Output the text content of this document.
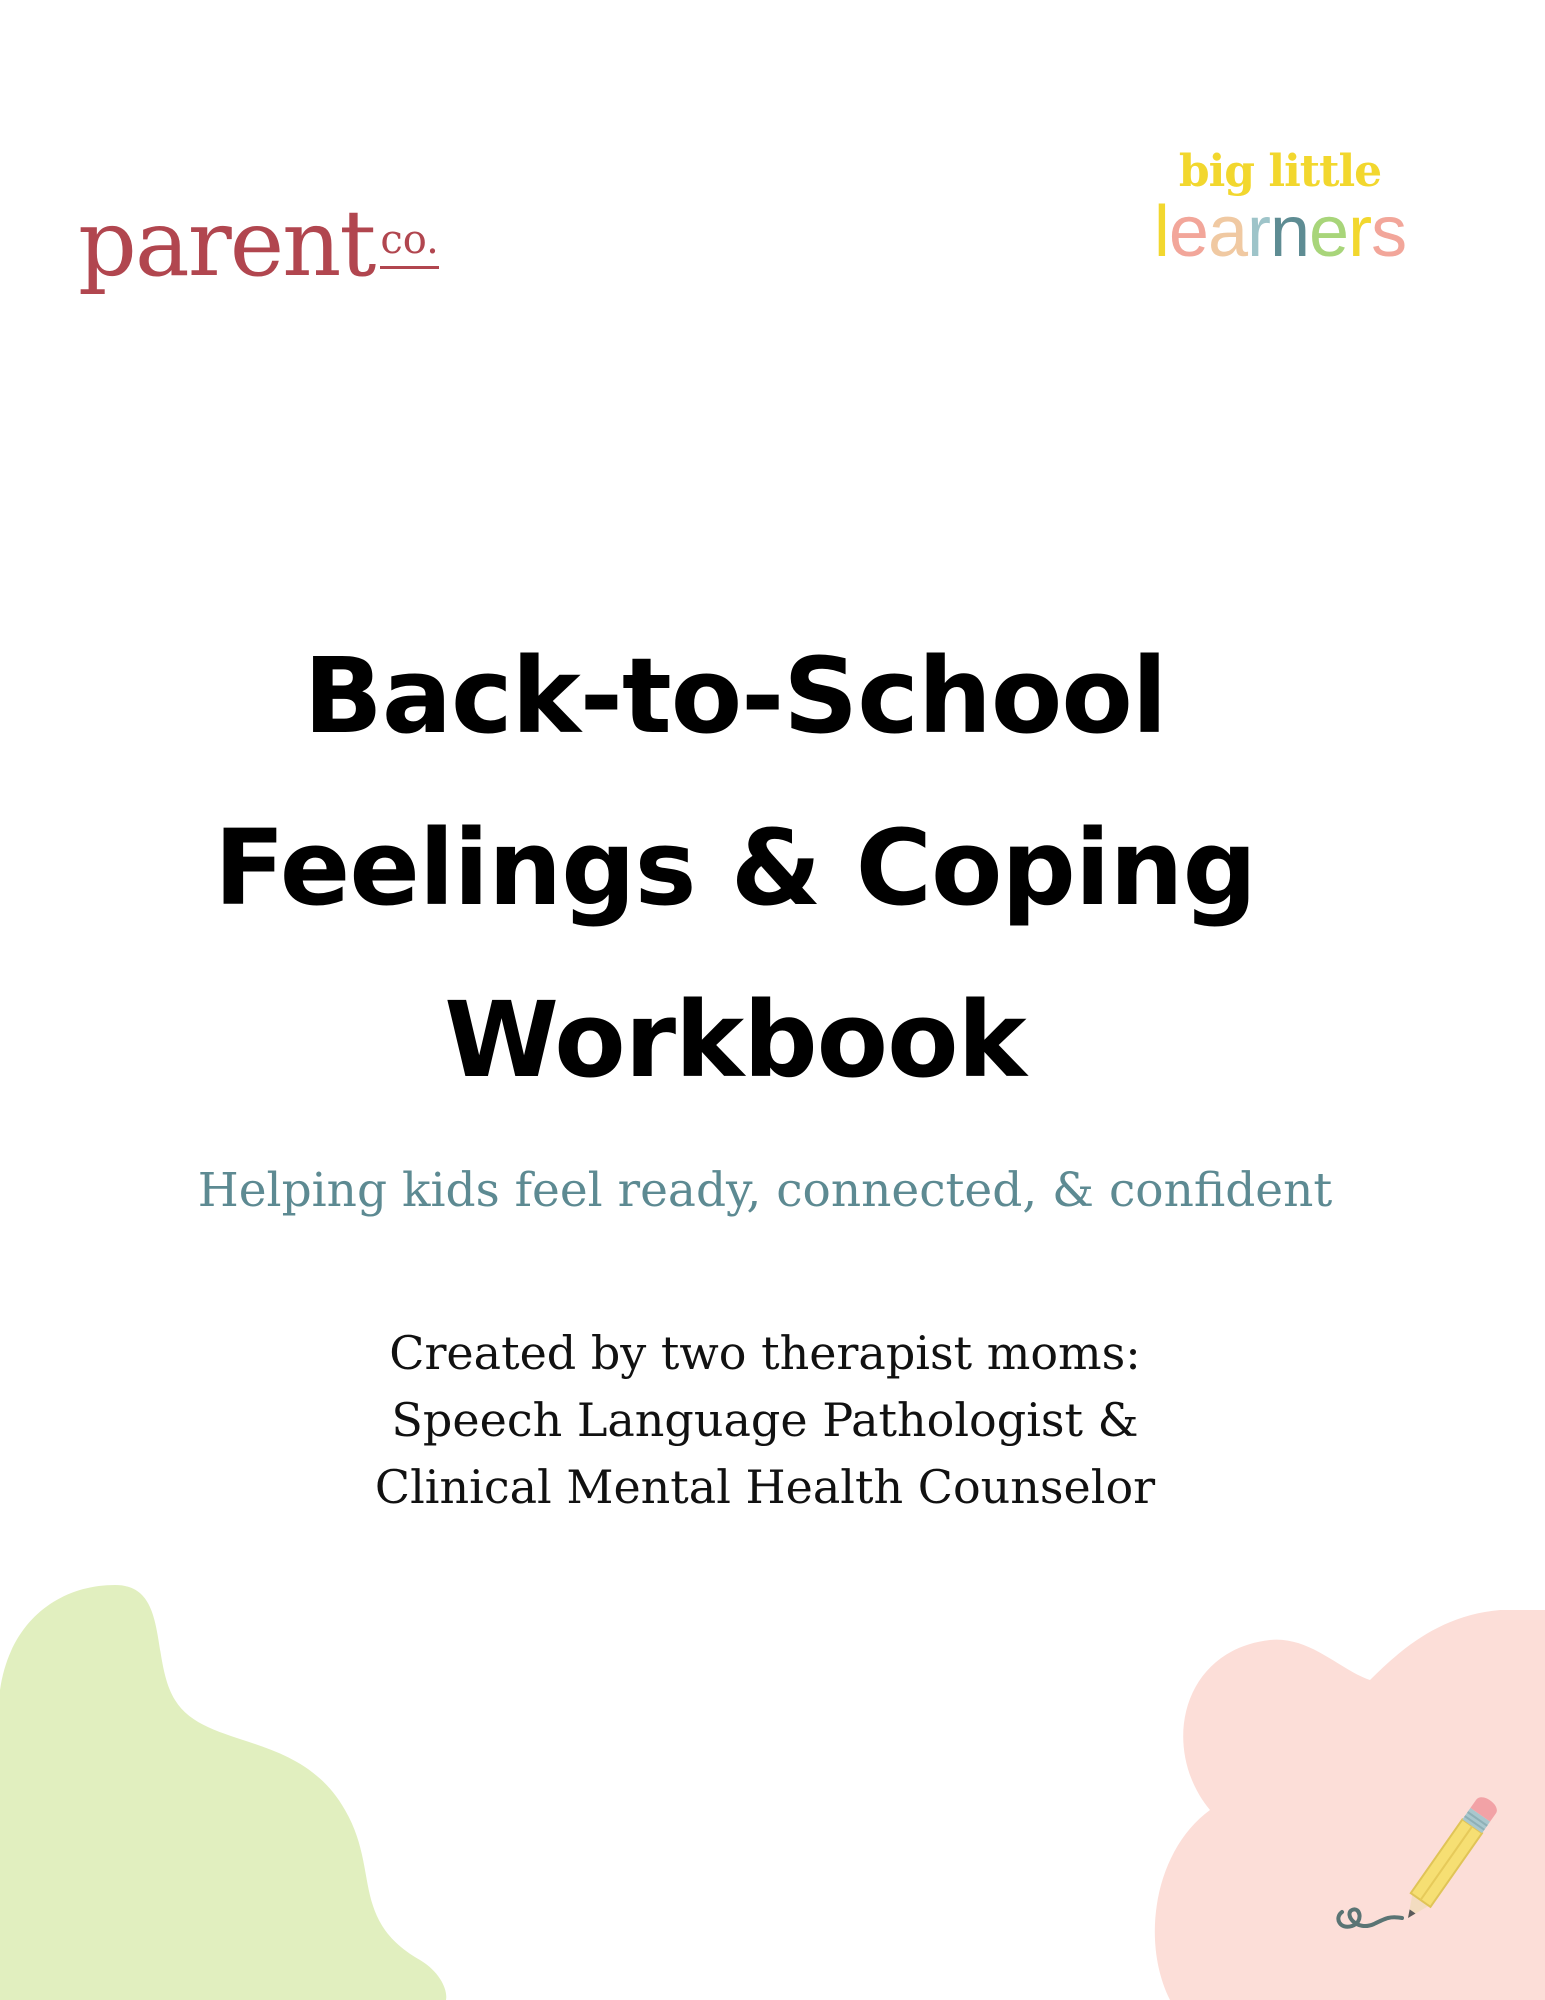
parent co.
big little
learners
Back-to-School
Feelings & Coping
Workbook
Helping kids feel ready, connected, & confident
Created by two therapist moms:
Speech Language Pathologist &
Clinical Mental Health Counselor
